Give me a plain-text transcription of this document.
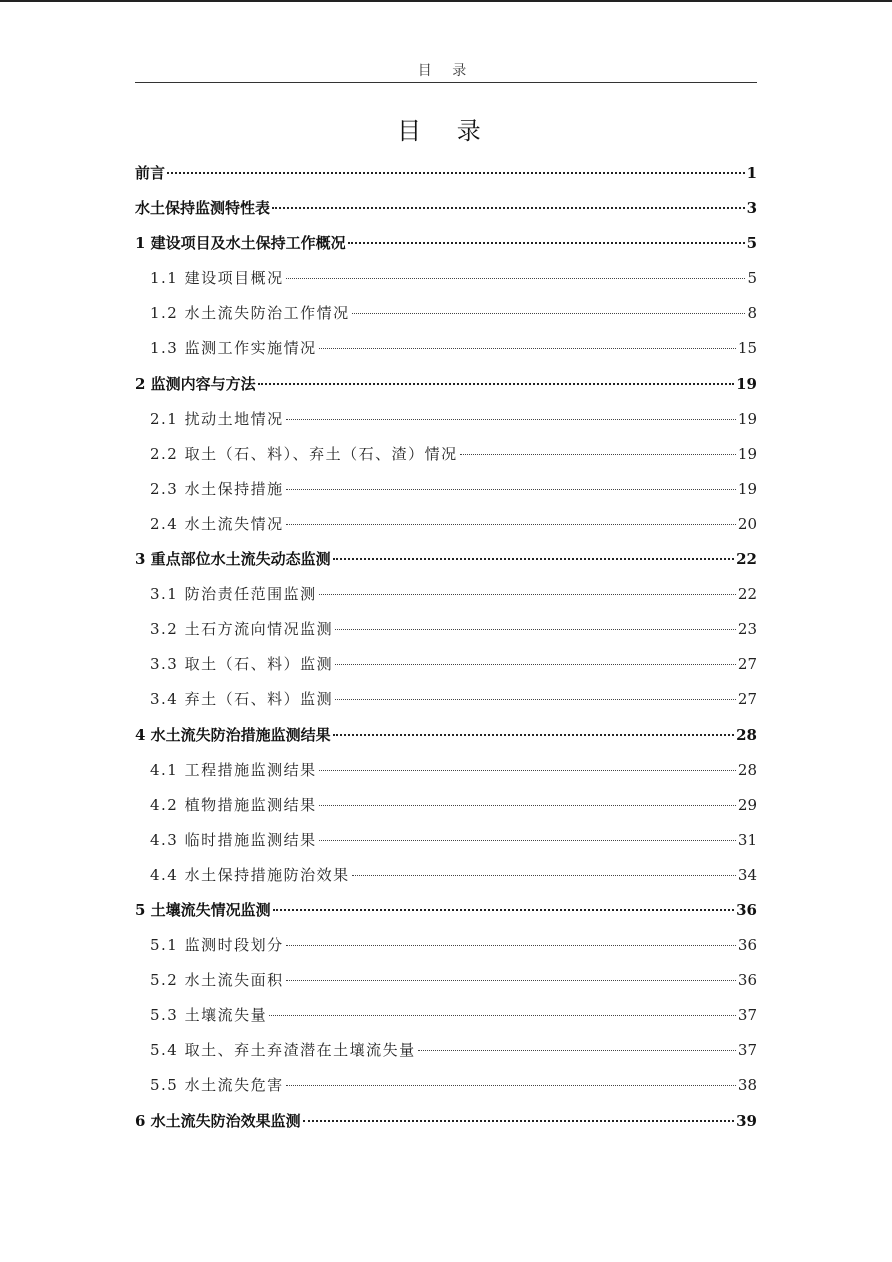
目 录
目 录
前言	1
水土保持监测特性表	3
1 建设项目及水土保持工作概况	5
1.1 建设项目概况	5
1.2 水土流失防治工作情况	8
1.3 监测工作实施情况	15
2 监测内容与方法	19
2.1 扰动土地情况	19
2.2 取土（石、料）、弃土（石、渣）情况	19
2.3 水土保持措施	19
2.4 水土流失情况	20
3 重点部位水土流失动态监测	22
3.1 防治责任范围监测	22
3.2 土石方流向情况监测	23
3.3 取土（石、料）监测	27
3.4 弃土（石、料）监测	27
4 水土流失防治措施监测结果	28
4.1 工程措施监测结果	28
4.2 植物措施监测结果	29
4.3 临时措施监测结果	31
4.4 水土保持措施防治效果	34
5 土壤流失情况监测	36
5.1 监测时段划分	36
5.2 水土流失面积	36
5.3 土壤流失量	37
5.4 取土、弃土弃渣潜在土壤流失量	37
5.5 水土流失危害	38
6 水土流失防治效果监测	39
